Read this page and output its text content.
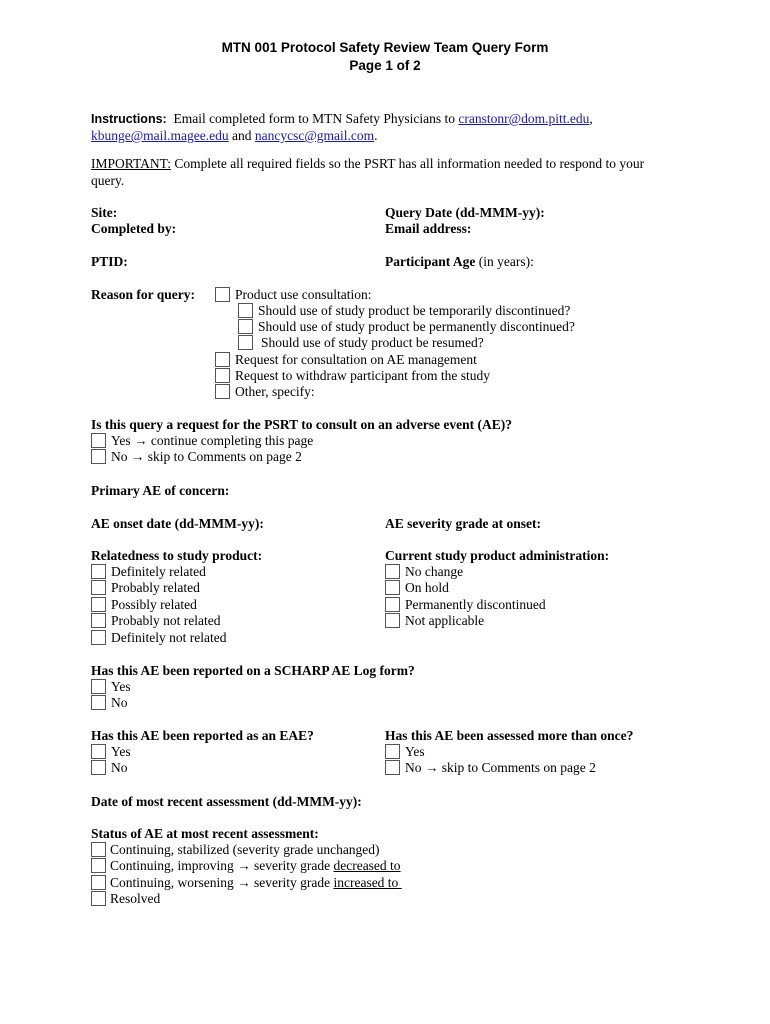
MTN 001 Protocol Safety Review Team Query Form
Page 1 of 2
Instructions: Email completed form to MTN Safety Physicians to cranstonr@dom.pitt.edu,
kbunge@mail.magee.edu and nancycsc@gmail.com.
IMPORTANT: Complete all required fields so the PSRT has all information needed to respond to your
query.
Site:
Completed by:
Query Date (dd-MMM-yy):
Email address:
PTID:	Participant Age (in years):
Reason for query:	Product use consultation:
Should use of study product be temporarily discontinued?
Should use of study product be permanently discontinued?
Should use of study product be resumed?
Request for consultation on AE management
Request to withdraw participant from the study
Other, specify:
Is this query a request for the PSRT to consult on an adverse event (AE)?
Yes → continue completing this page
No → skip to Comments on page 2
Primary AE of concern:
AE onset date (dd-MMM-yy):	AE severity grade at onset:
Relatedness to study product:
Definitely related
Probably related
Possibly related
Probably not related
Definitely not related
Current study product administration:
No change
On hold
Permanently discontinued
Not applicable
Has this AE been reported on a SCHARP AE Log form?
Yes
No
Has this AE been reported as an EAE?
Yes
No
Has this AE been assessed more than once?
Yes
No → skip to Comments on page 2
Date of most recent assessment (dd-MMM-yy):
Status of AE at most recent assessment:
Continuing, stabilized (severity grade unchanged)
Continuing, improving → severity grade decreased to
Continuing, worsening → severity grade increased to
Resolved
